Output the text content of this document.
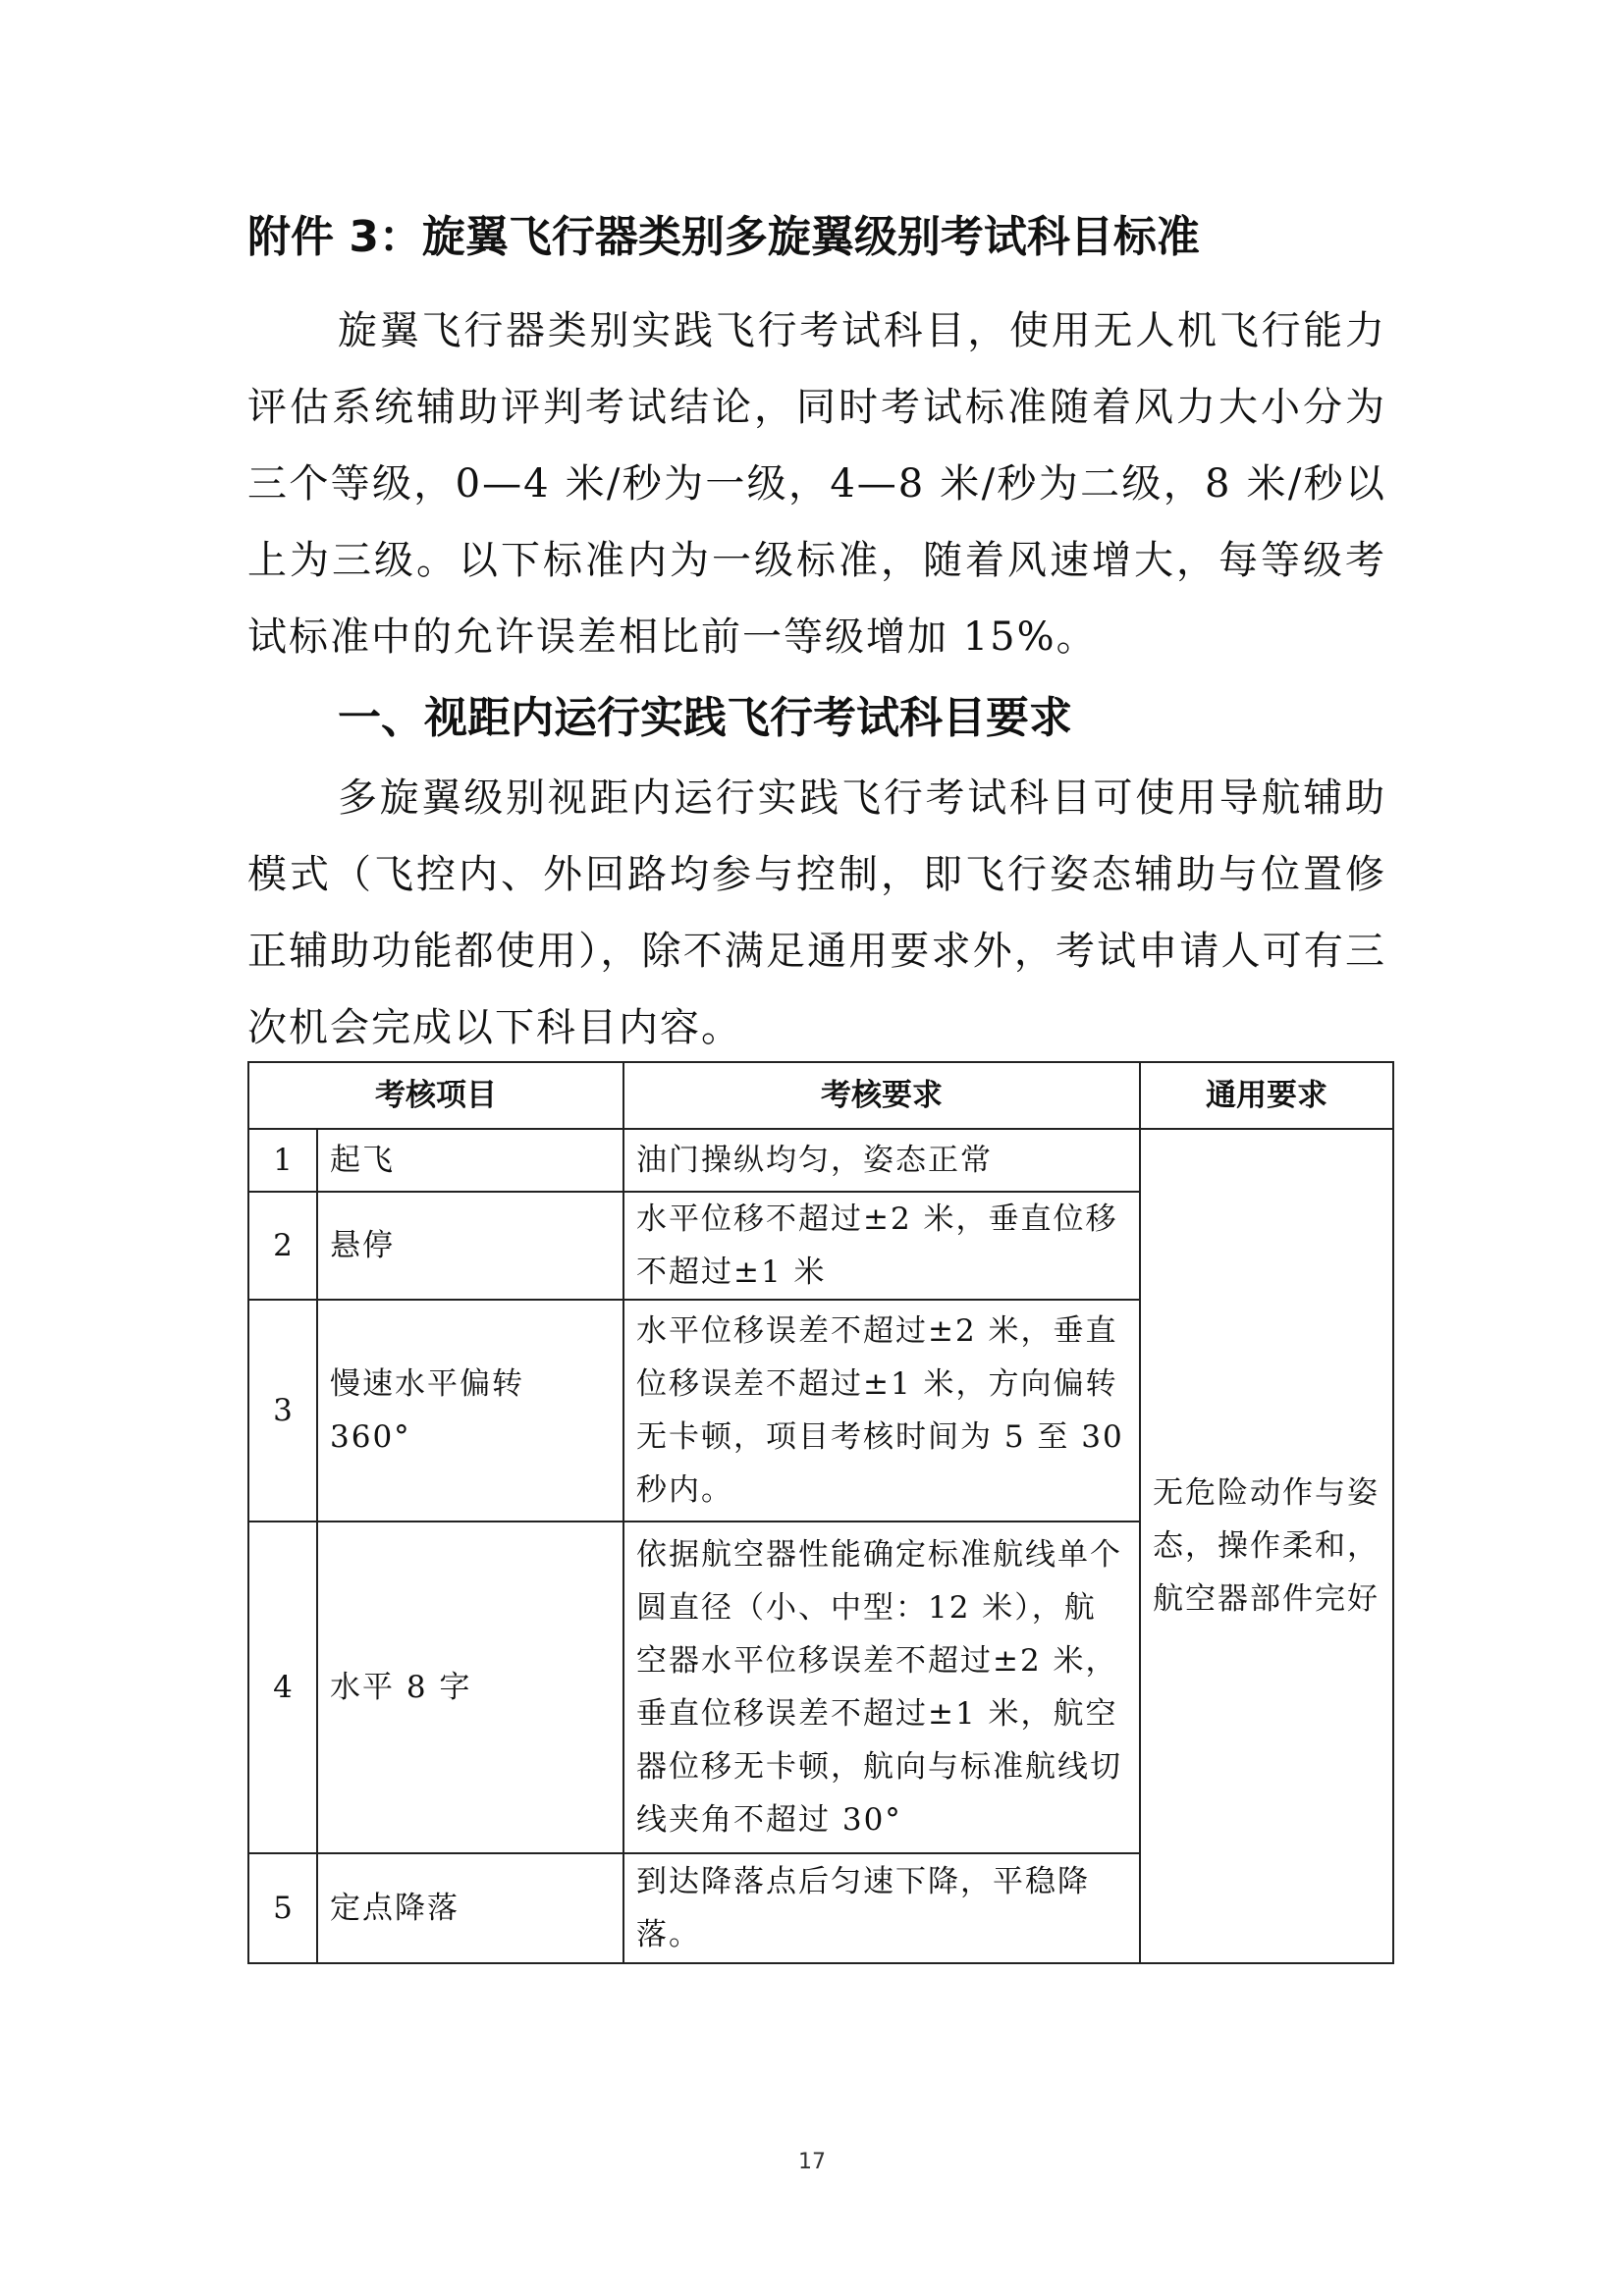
附件 3：旋翼飞行器类别多旋翼级别考试科目标准

旋翼飞行器类别实践飞行考试科目，使用无人机飞行能力评估系统辅助评判考试结论，同时考试标准随着风力大小分为三个等级，0—4 米/秒为一级，4—8 米/秒为二级，8 米/秒以上为三级。以下标准内为一级标准，随着风速增大，每等级考试标准中的允许误差相比前一等级增加 15%。

一、视距内运行实践飞行考试科目要求

多旋翼级别视距内运行实践飞行考试科目可使用导航辅助模式（飞控内、外回路均参与控制，即飞行姿态辅助与位置修正辅助功能都使用），除不满足通用要求外，考试申请人可有三次机会完成以下科目内容。

考核项目		考核要求	通用要求
1	起飞	油门操纵均匀，姿态正常	无危险动作与姿态，操作柔和，航空器部件完好
2	悬停	水平位移不超过±2 米，垂直位移不超过±1 米	
3	慢速水平偏转 360°	水平位移误差不超过±2 米，垂直位移误差不超过±1 米，方向偏转无卡顿，项目考核时间为 5 至 30 秒内。	
4	水平 8 字	依据航空器性能确定标准航线单个圆直径（小、中型：12 米），航空器水平位移误差不超过±2 米，垂直位移误差不超过±1 米，航空器位移无卡顿，航向与标准航线切线夹角不超过 30°	
5	定点降落	到达降落点后匀速下降，平稳降落。	
17
